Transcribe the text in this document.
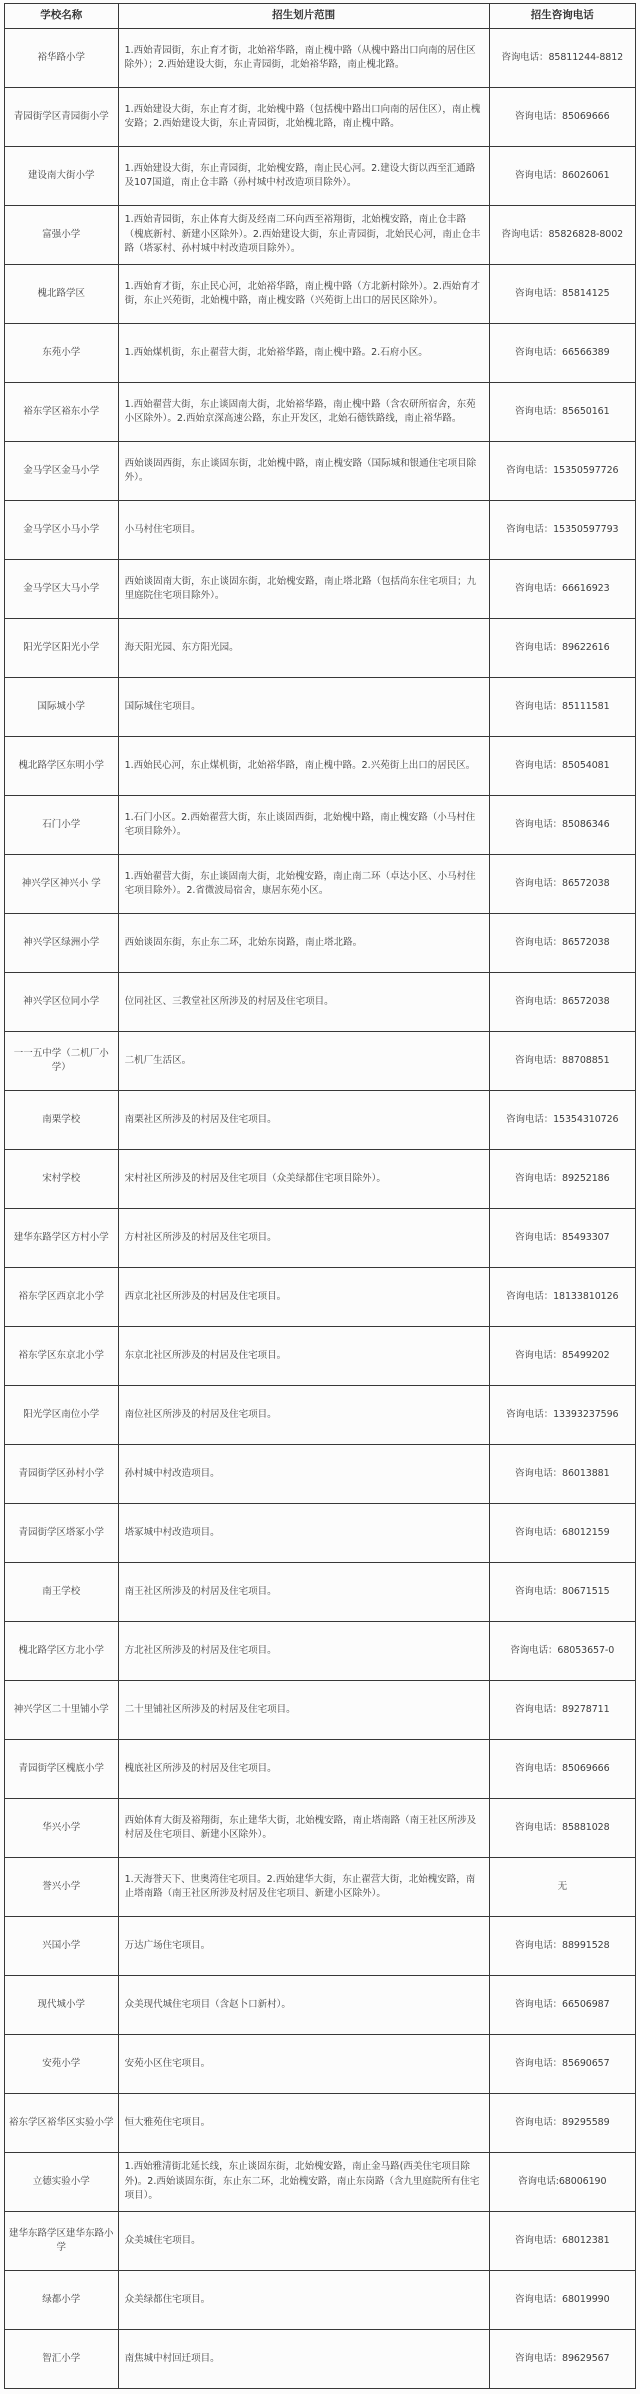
学校名称	招生划片范围	招生咨询电话
裕华路小学	1.西始青园街，东止育才街，北始裕华路，南止槐中路（从槐中路出口向南的居住区除外）；2.西始建设大街，东止青园街，北始裕华路，南止槐北路。	咨询电话：85811244-8812
青园街学区青园街小学	1.西始建设大街，东止育才街，北始槐中路（包括槐中路出口向南的居住区），南止槐安路；2.西始建设大街，东止青园街，北始槐北路，南止槐中路。	咨询电话：85069666
建设南大街小学	1.西始建设大街，东止青园街，北始槐安路，南止民心河。2.建设大街以西至汇通路及107国道，南止仓丰路（孙村城中村改造项目除外）。	咨询电话：86026061
富强小学	1.西始青园街，东止体育大街及经南二环向西至裕翔街，北始槐安路，南止仓丰路（槐底新村、新建小区除外）。2.西始建设大街，东止青园街，北始民心河，南止仓丰路（塔冢村、孙村城中村改造项目除外）。	咨询电话：85826828-8002
槐北路学区	1.西始育才街，东止民心河，北始裕华路，南止槐中路（方北新村除外）。2.西始育才街，东止兴苑街，北始槐中路，南止槐安路（兴苑街上出口的居民区除外）。	咨询电话：85814125
东苑小学	1.西始煤机街，东止翟营大街，北始裕华路，南止槐中路。2.石府小区。	咨询电话：66566389
裕东学区裕东小学	1.西始翟营大街，东止谈固南大街，北始裕华路，南止槐中路（含农研所宿舍，东苑小区除外）。2.西始京深高速公路，东止开发区，北始石德铁路线，南止裕华路。	咨询电话：85650161
金马学区金马小学	西始谈固西街，东止谈固东街，北始槐中路，南止槐安路（国际城和银通住宅项目除外）。	咨询电话：15350597726
金马学区小马小学	小马村住宅项目。	咨询电话：15350597793
金马学区大马小学	西始谈固南大街，东止谈固东街，北始槐安路，南止塔北路（包括尚东住宅项目；九里庭院住宅项目除外）。	咨询电话：66616923
阳光学区阳光小学	海天阳光园、东方阳光园。	咨询电话：89622616
国际城小学	国际城住宅项目。	咨询电话：85111581
槐北路学区东明小学	1.西始民心河，东止煤机街，北始裕华路，南止槐中路。2.兴苑街上出口的居民区。	咨询电话：85054081
石门小学	1.石门小区。2.西始翟营大街，东止谈固西街，北始槐中路，南止槐安路（小马村住宅项目除外）。	咨询电话：85086346
神兴学区神兴小 学	1.西始翟营大街，东止谈固南大街，北始槐安路，南止南二环（卓达小区、小马村住宅项目除外）。2.省微波局宿舍，康居东苑小区。	咨询电话：86572038
神兴学区绿洲小学	西始谈固东街，东止东二环，北始东岗路，南止塔北路。	咨询电话：86572038
神兴学区位同小学	位同社区、三教堂社区所涉及的村居及住宅项目。	咨询电话：86572038
一一五中学（二机厂小学）	二机厂生活区。	咨询电话：88708851
南栗学校	南栗社区所涉及的村居及住宅项目。	咨询电话：15354310726
宋村学校	宋村社区所涉及的村居及住宅项目（众美绿都住宅项目除外）。	咨询电话：89252186
建华东路学区方村小学	方村社区所涉及的村居及住宅项目。	咨询电话：85493307
裕东学区西京北小学	西京北社区所涉及的村居及住宅项目。	咨询电话：18133810126
裕东学区东京北小学	东京北社区所涉及的村居及住宅项目。	咨询电话：85499202
阳光学区南位小学	南位社区所涉及的村居及住宅项目。	咨询电话：13393237596
青园街学区孙村小学	孙村城中村改造项目。	咨询电话：86013881
青园街学区塔冢小学	塔冢城中村改造项目。	咨询电话：68012159
南王学校	南王社区所涉及的村居及住宅项目。	咨询电话：80671515
槐北路学区方北小学	方北社区所涉及的村居及住宅项目。	咨询电话：68053657-0
神兴学区二十里铺小学	二十里铺社区所涉及的村居及住宅项目。	咨询电话：89278711
青园街学区槐底小学	槐底社区所涉及的村居及住宅项目。	咨询电话：85069666
华兴小学	西始体育大街及裕翔街，东止建华大街，北始槐安路，南止塔南路（南王社区所涉及村居及住宅项目、新建小区除外）。	咨询电话：85881028
誉兴小学	1.天海誉天下、世奥湾住宅项目。2.西始建华大街，东止翟营大街，北始槐安路，南止塔南路（南王社区所涉及村居及住宅项目、新建小区除外）。	无
兴国小学	万达广场住宅项目。	咨询电话：88991528
现代城小学	众美现代城住宅项目（含赵卜口新村）。	咨询电话：66506987
安苑小学	安苑小区住宅项目。	咨询电话：85690657
裕东学区裕华区实验小学	恒大雅苑住宅项目。	咨询电话：89295589
立德实验小学	1.西始雅清街北延长线，东止谈固东街，北始槐安路，南止金马路(西美住宅项目除外)。2.西始谈固东街，东止东二环，北始槐安路，南止东岗路（含九里庭院所有住宅项目）。	咨询电话:68006190
建华东路学区建华东路小学	众美城住宅项目。	咨询电话：68012381
绿都小学	众美绿都住宅项目。	咨询电话：68019990
智汇小学	南焦城中村回迁项目。	咨询电话：89629567
